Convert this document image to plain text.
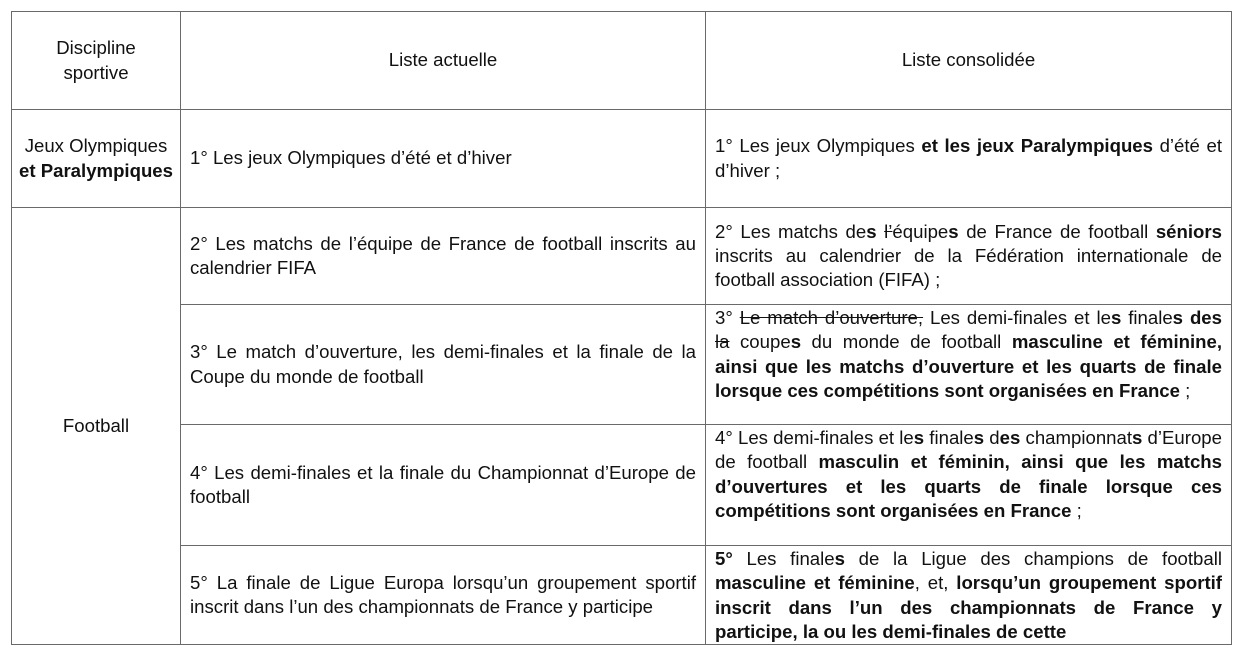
Discipline sportive	Liste actuelle	Liste consolidée
Jeux Olympiques et Paralympiques	1° Les jeux Olympiques d’été et d’hiver	1° Les jeux Olympiques et les jeux Paralympiques d’été et d’hiver ;
Football	2° Les matchs de l’équipe de France de football inscrits au calendrier FIFA	2° Les matchs des l’équipes de France de football séniors inscrits au calendrier de la Fédération internationale de football association (FIFA) ;
	3° Le match d’ouverture, les demi-finales et la finale de la Coupe du monde de football	3° Le match d’ouverture, Les demi-finales et les finales des la coupes du monde de football masculine et féminine, ainsi que les matchs d’ouverture et les quarts de finale lorsque ces compétitions sont organisées en France ;
	4° Les demi-finales et la finale du Championnat d’Europe de football	4° Les demi-finales et les finales des championnats d’Europe de football masculin et féminin, ainsi que les matchs d’ouvertures et les quarts de finale lorsque ces compétitions sont organisées en France ;
	5° La finale de Ligue Europa lorsqu’un groupement sportif inscrit dans l’un des championnats de France y participe	5° Les finales de la Ligue des champions de football masculine et féminine, et, lorsqu’un groupement sportif inscrit dans l’un des championnats de France y participe, la ou les demi-finales de cette
